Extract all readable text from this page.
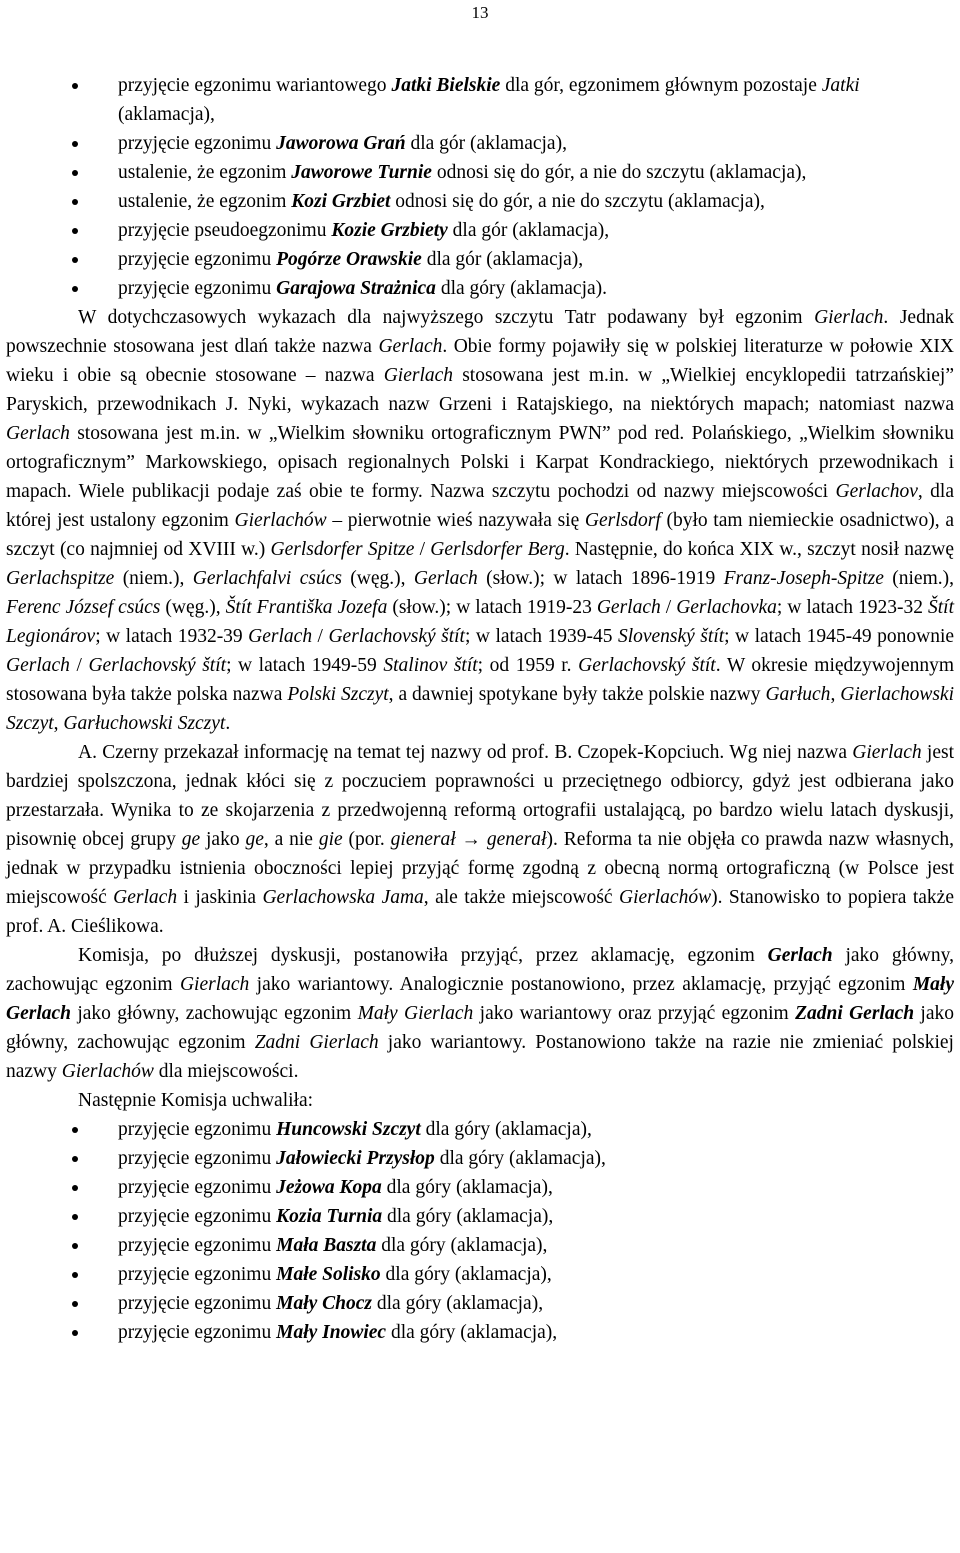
13
przyjęcie egzonimu wariantowego Jatki Bielskie dla gór, egzonimem głównym pozostaje Jatki (aklamacja),
przyjęcie egzonimu Jaworowa Grań dla gór (aklamacja),
ustalenie, że egzonim Jaworowe Turnie odnosi się do gór, a nie do szczytu (aklamacja),
ustalenie, że egzonim Kozi Grzbiet odnosi się do gór, a nie do szczytu (aklamacja),
przyjęcie pseudoegzonimu Kozie Grzbiety dla gór (aklamacja),
przyjęcie egzonimu Pogórze Orawskie dla gór (aklamacja),
przyjęcie egzonimu Garajowa Strażnica dla góry (aklamacja).

W dotychczasowych wykazach dla najwyższego szczytu Tatr podawany był egzonim Gierlach. Jednak powszechnie stosowana jest dlań także nazwa Gerlach. Obie formy pojawiły się w polskiej literaturze w połowie XIX wieku i obie są obecnie stosowane – nazwa Gierlach stosowana jest m.in. w „Wielkiej encyklopedii tatrzańskiej” Paryskich, przewodnikach J. Nyki, wykazach nazw Grzeni i Ratajskiego, na niektórych mapach; natomiast nazwa Gerlach stosowana jest m.in. w „Wielkim słowniku ortograficznym PWN” pod red. Polańskiego, „Wielkim słowniku ortograficznym” Markowskiego, opisach regionalnych Polski i Karpat Kondrackiego, niektórych przewodnikach i mapach. Wiele publikacji podaje zaś obie te formy. Nazwa szczytu pochodzi od nazwy miejscowości Gerlachov, dla której jest ustalony egzonim Gierlachów – pierwotnie wieś nazywała się Gerlsdorf (było tam niemieckie osadnictwo), a szczyt (co najmniej od XVIII w.) Gerlsdorfer Spitze / Gerlsdorfer Berg. Następnie, do końca XIX w., szczyt nosił nazwę Gerlachspitze (niem.), Gerlachfalvi csúcs (węg.), Gerlach (słow.); w latach 1896-1919 Franz-Joseph-Spitze (niem.), Ferenc József csúcs (węg.), Štít Františka Jozefa (słow.); w latach 1919-23 Gerlach / Gerlachovka; w latach 1923-32 Štít Legionárov; w latach 1932-39 Gerlach / Gerlachovský štít; w latach 1939-45 Slovenský štít; w latach 1945-49 ponownie Gerlach / Gerlachovský štít; w latach 1949-59 Stalinov štít; od 1959 r. Gerlachovský štít. W okresie międzywojennym stosowana była także polska nazwa Polski Szczyt, a dawniej spotykane były także polskie nazwy Garłuch, Gierlachowski Szczyt, Garłuchowski Szczyt.

A. Czerny przekazał informację na temat tej nazwy od prof. B. Czopek-Kopciuch. Wg niej nazwa Gierlach jest bardziej spolszczona, jednak kłóci się z poczuciem poprawności u przeciętnego odbiorcy, gdyż jest odbierana jako przestarzała. Wynika to ze skojarzenia z przedwojenną reformą ortografii ustalającą, po bardzo wielu latach dyskusji, pisownię obcej grupy ge jako ge, a nie gie (por. gienerał → generał). Reforma ta nie objęła co prawda nazw własnych, jednak w przypadku istnienia oboczności lepiej przyjąć formę zgodną z obecną normą ortograficzną (w Polsce jest miejscowość Gerlach i jaskinia Gerlachowska Jama, ale także miejscowość Gierlachów). Stanowisko to popiera także prof. A. Cieślikowa.

Komisja, po dłuższej dyskusji, postanowiła przyjąć, przez aklamację, egzonim Gerlach jako główny, zachowując egzonim Gierlach jako wariantowy. Analogicznie postanowiono, przez aklamację, przyjąć egzonim Mały Gerlach jako główny, zachowując egzonim Mały Gierlach jako wariantowy oraz przyjąć egzonim Zadni Gerlach jako główny, zachowując egzonim Zadni Gierlach jako wariantowy. Postanowiono także na razie nie zmieniać polskiej nazwy Gierlachów dla miejscowości.

Następnie Komisja uchwaliła:

przyjęcie egzonimu Huncowski Szczyt dla góry (aklamacja),
przyjęcie egzonimu Jałowiecki Przysłop dla góry (aklamacja),
przyjęcie egzonimu Jeżowa Kopa dla góry (aklamacja),
przyjęcie egzonimu Kozia Turnia dla góry (aklamacja),
przyjęcie egzonimu Mała Baszta dla góry (aklamacja),
przyjęcie egzonimu Małe Solisko dla góry (aklamacja),
przyjęcie egzonimu Mały Chocz dla góry (aklamacja),
przyjęcie egzonimu Mały Inowiec dla góry (aklamacja),
